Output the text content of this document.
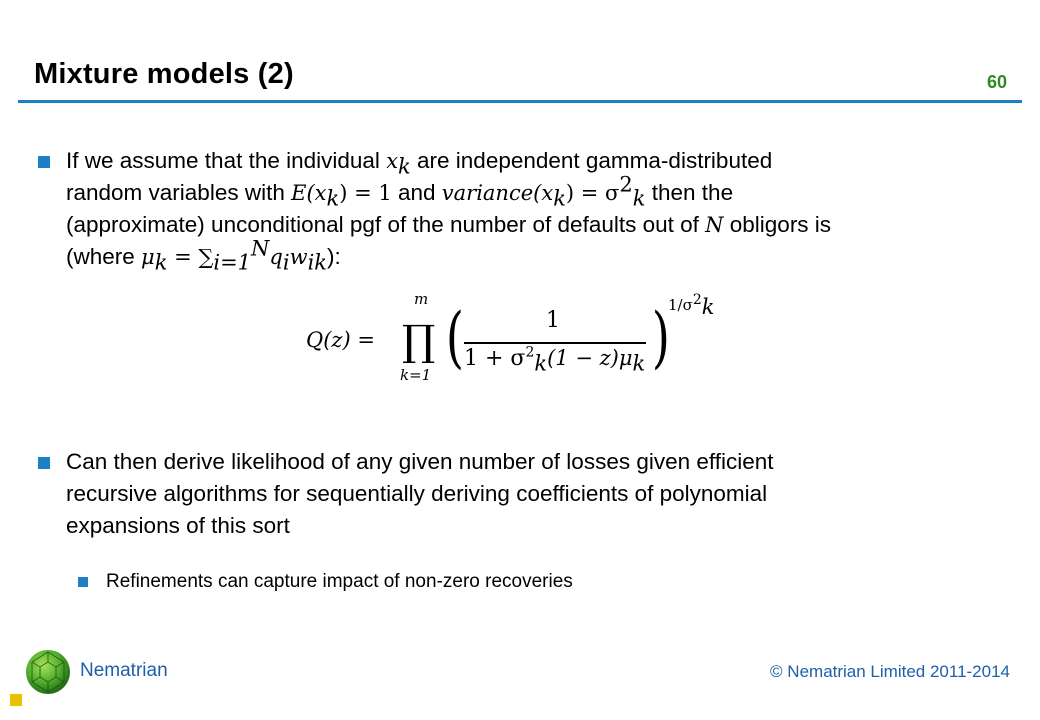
Mixture models (2)	60
If we assume that the individual $x_k$ are independent gamma-distributed
random variables with $E(x_k) = 1$ and $variance(x_k) = \sigma^2_k$ then the
(approximate) unconditional pgf of the number of defaults out of N obligors is
(where $\mu_k = \sum_{i=1}^Nq_iw_{ik}$):
Q(z) =
m
∏
k=1 (	1
$1 + \sigma^2_k(1 - z)\mu_k$ )
$1/\sigma^2_k$
Can then derive likelihood of any given number of losses given efficient
recursive algorithms for sequentially deriving coefficients of polynomial
expansions of this sort
Refinements can capture impact of non-zero recoveries
Nematrian	© Nematrian Limited 2011-2014
